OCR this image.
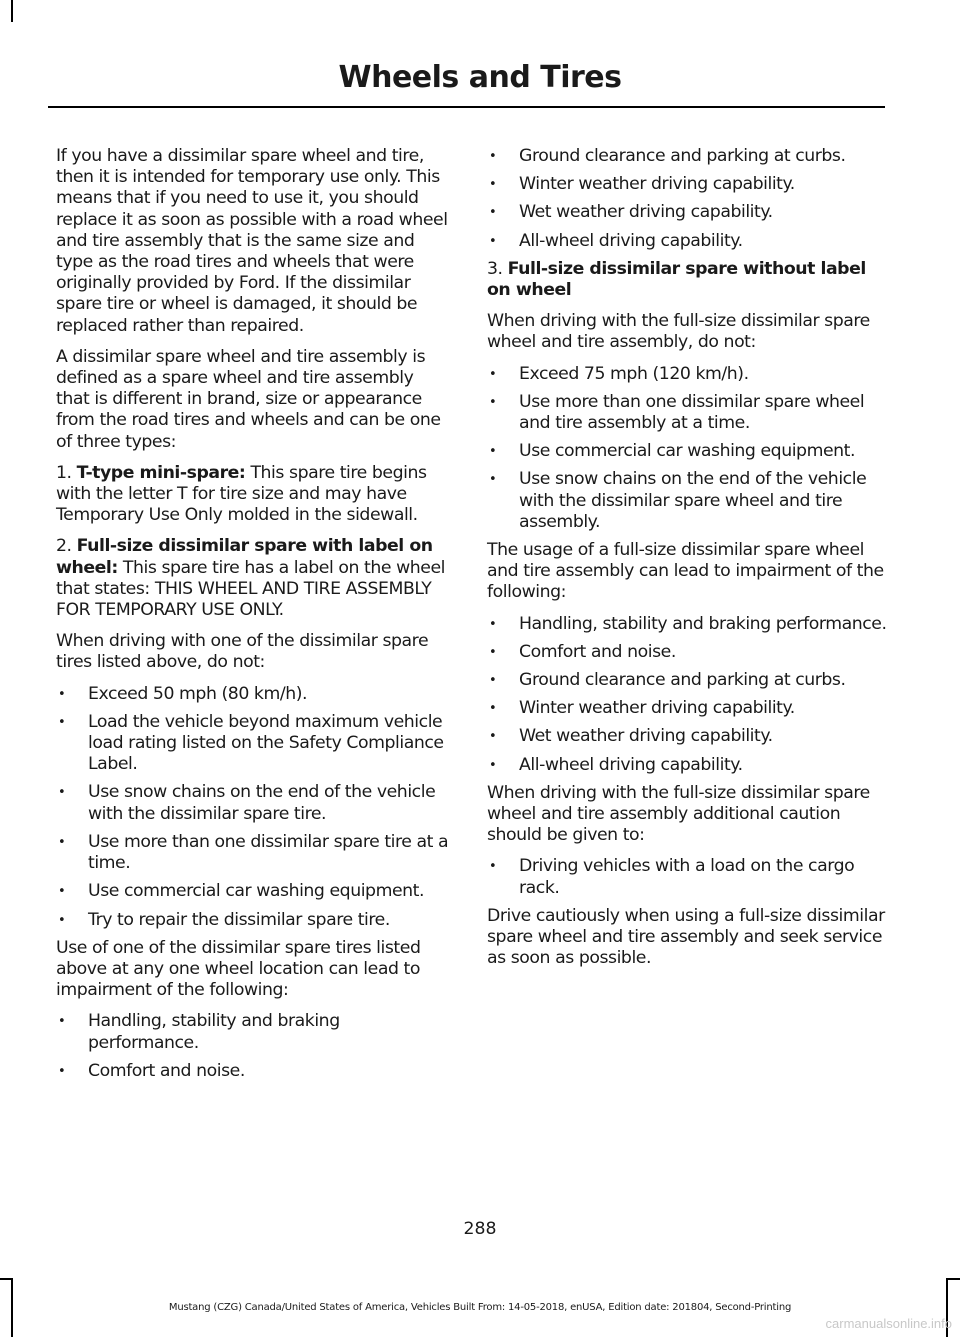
Wheels and Tires

If you have a dissimilar spare wheel and tire, then it is intended for temporary use only. This means that if you need to use it, you should replace it as soon as possible with a road wheel and tire assembly that is the same size and type as the road tires and wheels that were originally provided by Ford. If the dissimilar spare tire or wheel is damaged, it should be replaced rather than repaired.

A dissimilar spare wheel and tire assembly is defined as a spare wheel and tire assembly that is different in brand, size or appearance from the road tires and wheels and can be one of three types:

1. T-type mini-spare: This spare tire begins with the letter T for tire size and may have Temporary Use Only molded in the sidewall.

2. Full-size dissimilar spare with label on wheel: This spare tire has a label on the wheel that states: THIS WHEEL AND TIRE ASSEMBLY FOR TEMPORARY USE ONLY.

When driving with one of the dissimilar spare tires listed above, do not:

• Exceed 50 mph (80 km/h).
• Load the vehicle beyond maximum vehicle load rating listed on the Safety Compliance Label.
• Use snow chains on the end of the vehicle with the dissimilar spare tire.
• Use more than one dissimilar spare tire at a time.
• Use commercial car washing equipment.
• Try to repair the dissimilar spare tire.

Use of one of the dissimilar spare tires listed above at any one wheel location can lead to impairment of the following:

• Handling, stability and braking performance.
• Comfort and noise.
• Ground clearance and parking at curbs.
• Winter weather driving capability.
• Wet weather driving capability.
• All-wheel driving capability.

3. Full-size dissimilar spare without label on wheel

When driving with the full-size dissimilar spare wheel and tire assembly, do not:

• Exceed 75 mph (120 km/h).
• Use more than one dissimilar spare wheel and tire assembly at a time.
• Use commercial car washing equipment.
• Use snow chains on the end of the vehicle with the dissimilar spare wheel and tire assembly.

The usage of a full-size dissimilar spare wheel and tire assembly can lead to impairment of the following:

• Handling, stability and braking performance.
• Comfort and noise.
• Ground clearance and parking at curbs.
• Winter weather driving capability.
• Wet weather driving capability.
• All-wheel driving capability.

When driving with the full-size dissimilar spare wheel and tire assembly additional caution should be given to:

• Driving vehicles with a load on the cargo rack.

Drive cautiously when using a full-size dissimilar spare wheel and tire assembly and seek service as soon as possible.

288
Mustang (CZG) Canada/United States of America, Vehicles Built From: 14-05-2018, enUSA, Edition date: 201804, Second-Printing
carmanualsonline.info
